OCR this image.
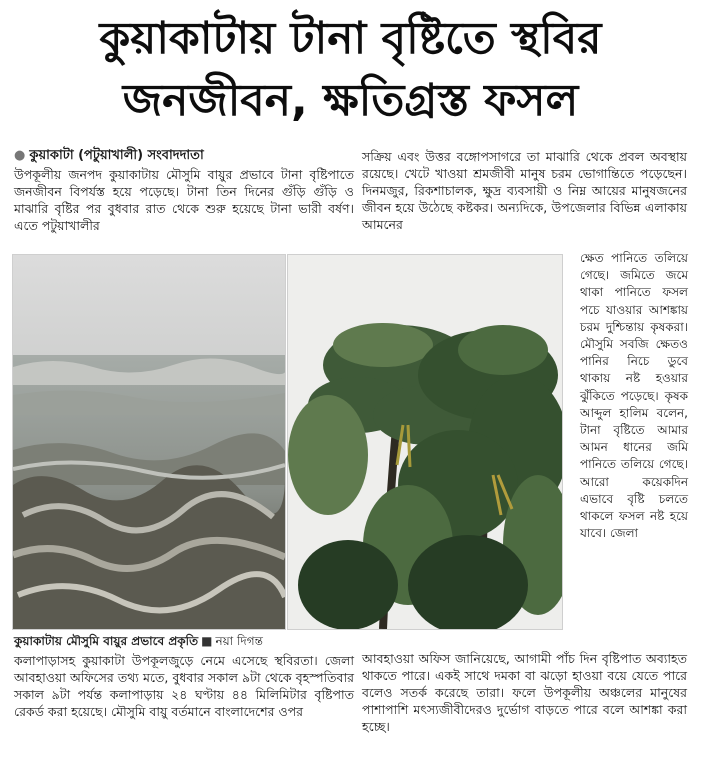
কুয়াকাটায় টানা বৃষ্টিতে স্থবির
জনজীবন, ক্ষতিগ্রস্ত ফসল
● কুয়াকাটা (পটুয়াখালী) সংবাদদাতা
উপকূলীয় জনপদ কুয়াকাটায় মৌসুমি বায়ুর প্রভাবে টানা বৃষ্টিপাতে জনজীবন বিপর্যস্ত হয়ে পড়েছে। টানা তিন দিনের গুঁড়ি গুঁড়ি ও মাঝারি বৃষ্টির পর বুধবার রাত থেকে শুরু হয়েছে টানা ভারী বর্ষণ। এতে পটুয়াখালীর
সক্রিয় এবং উত্তর বঙ্গোপসাগরে তা মাঝারি থেকে প্রবল অবস্থায় রয়েছে। খেটে খাওয়া শ্রমজীবী মানুষ চরম ভোগান্তিতে পড়েছেন। দিনমজুর, রিকশাচালক, ক্ষুদ্র ব্যবসায়ী ও নিম্ন আয়ের মানুষজনের জীবন হয়ে উঠেছে কষ্টকর। অন্যদিকে, উপজেলার বিভিন্ন এলাকায় আমনের
ক্ষেত পানিতে তলিয়ে গেছে। জমিতে জমে থাকা পানিতে ফসল পচে যাওয়ার আশঙ্কায় চরম দুশ্চিন্তায় কৃষকরা। মৌসুমি সবজি ক্ষেতও পানির নিচে ডুবে থাকায় নষ্ট হওয়ার ঝুঁকিতে পড়েছে। কৃষক আব্দুল হালিম বলেন, টানা বৃষ্টিতে আমার আমন ধানের জমি পানিতে তলিয়ে গেছে। আরো কয়েকদিন এভাবে বৃষ্টি চলতে থাকলে ফসল নষ্ট হয়ে যাবে। জেলা
কুয়াকাটায় মৌসুমি বায়ুর প্রভাবে প্রকৃতি ■ নয়া দিগন্ত
কলাপাড়াসহ কুয়াকাটা উপকূলজুড়ে নেমে এসেছে স্থবিরতা। জেলা আবহাওয়া অফিসের তথ্য মতে, বুধবার সকাল ৯টা থেকে বৃহস্পতিবার সকাল ৯টা পর্যন্ত কলাপাড়ায় ২৪ ঘণ্টায় ৪৪ মিলিমিটার বৃষ্টিপাত রেকর্ড করা হয়েছে। মৌসুমি বায়ু বর্তমানে বাংলাদেশের ওপর
আবহাওয়া অফিস জানিয়েছে, আগামী পাঁচ দিন বৃষ্টিপাত অব্যাহত থাকতে পারে। একই সাথে দমকা বা ঝড়ো হাওয়া বয়ে যেতে পারে বলেও সতর্ক করেছে তারা। ফলে উপকূলীয় অঞ্চলের মানুষের পাশাপাশি মৎস্যজীবীদেরও দুর্ভোগ বাড়তে পারে বলে আশঙ্কা করা হচ্ছে।
